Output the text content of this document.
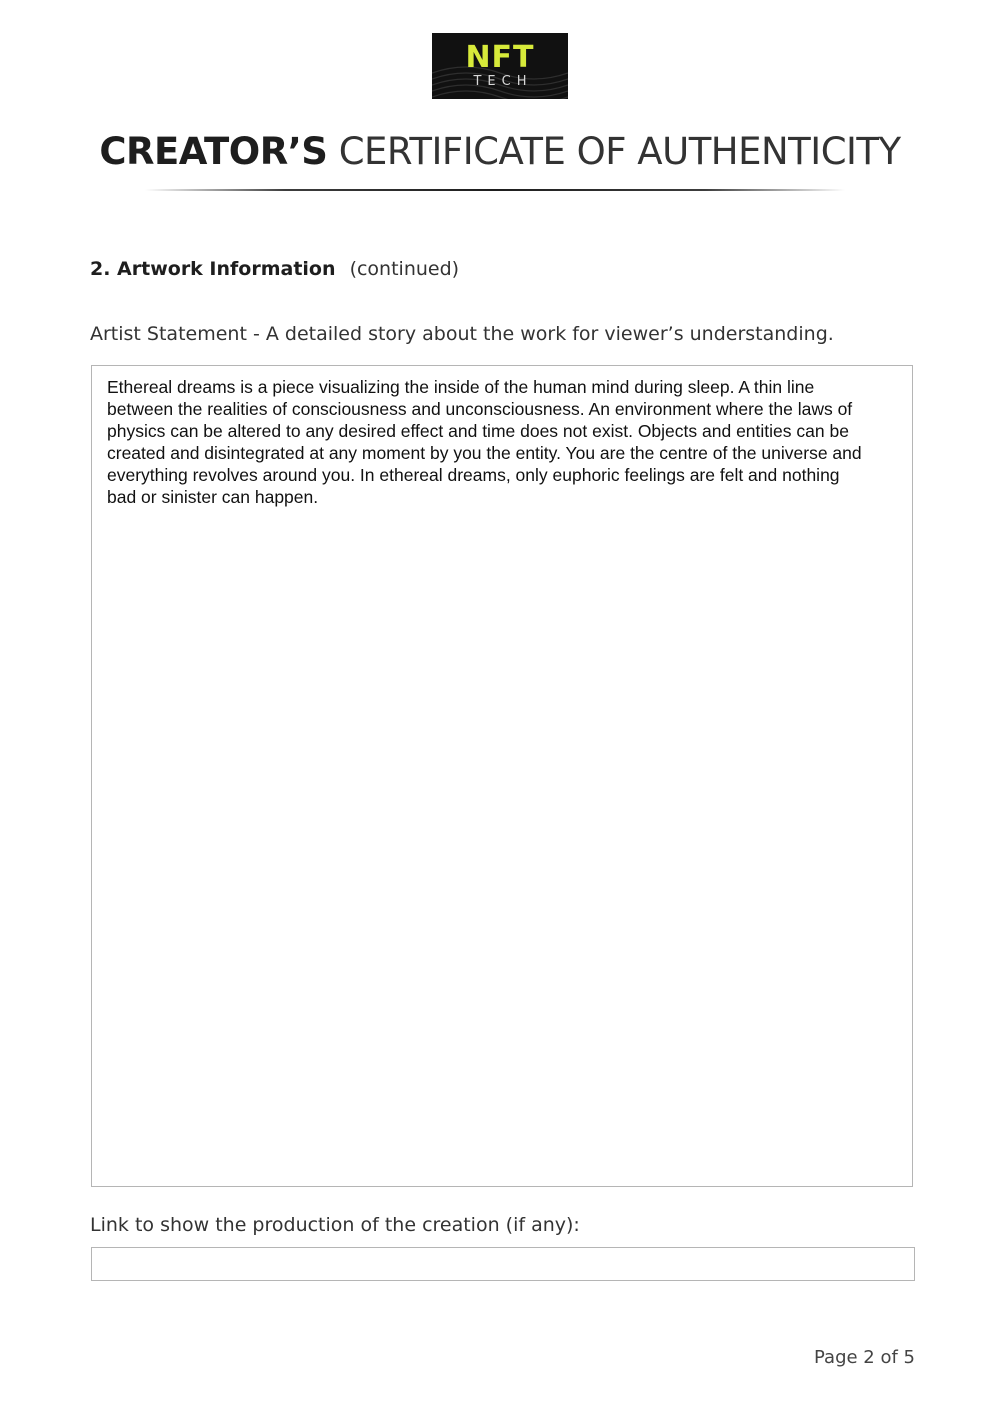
NFT
TECH
CREATOR’S CERTIFICATE OF AUTHENTICITY
2. Artwork Information (continued)
Artist Statement - A detailed story about the work for viewer’s understanding.

Ethereal dreams is a piece visualizing the inside of the human mind during sleep. A thin line between the realities of consciousness and unconsciousness. An environment where the laws of physics can be altered to any desired effect and time does not exist. Objects and entities can be created and disintegrated at any moment by you the entity. You are the centre of the universe and everything revolves around you. In ethereal dreams, only euphoric feelings are felt and nothing bad or sinister can happen.

Link to show the production of the creation (if any):
Page 2 of 5
